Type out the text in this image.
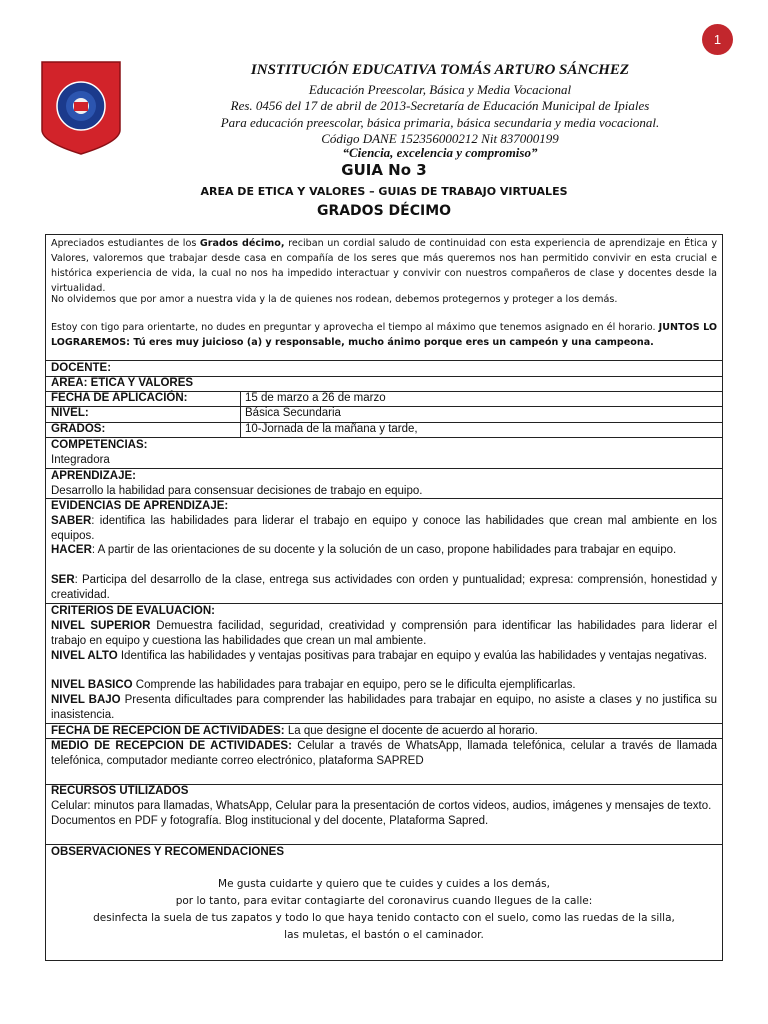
1
INSTITUCIÓN EDUCATIVA TOMÁS ARTURO SÁNCHEZ
Educación Preescolar, Básica y Media Vocacional
Res. 0456 del 17 de abril de 2013-Secretaría de Educación Municipal de Ipiales
Para educación preescolar, básica primaria, básica secundaria y media vocacional.
Código DANE 152356000212 Nit 837000199
“Ciencia, excelencia y compromiso”
GUIA No 3
AREA DE ETICA Y VALORES – GUIAS DE TRABAJO VIRTUALES
GRADOS DÉCIMO
Apreciados estudiantes de los Grados décimo, reciban un cordial saludo de continuidad con esta experiencia de aprendizaje en Ética y Valores, valoremos que trabajar desde casa en compañía de los seres que más queremos nos han permitido convivir en esta crucial e histórica experiencia de vida, la cual no nos ha impedido interactuar y convivir con nuestros compañeros de clase y docentes desde la virtualidad.
No olvidemos que por amor a nuestra vida y la de quienes nos rodean, debemos protegernos y proteger a los demás.
Estoy con tigo para orientarte, no dudes en preguntar y aprovecha el tiempo al máximo que tenemos asignado en él horario. JUNTOS LO LOGRAREMOS: Tú eres muy juicioso (a) y responsable, mucho ánimo porque eres un campeón y una campeona.
DOCENTE:
AREA: ETICA Y VALORES
FECHA DE APLICACIÓN:	15 de marzo a 26 de marzo
NIVEL:	Básica Secundaria
GRADOS:	10-Jornada de la mañana y tarde,
COMPETENCIAS:
Integradora
APRENDIZAJE:
Desarrollo la habilidad para consensuar decisiones de trabajo en equipo.
EVIDENCIAS DE APRENDIZAJE:
SABER: identifica las habilidades para liderar el trabajo en equipo y conoce las habilidades que crean mal ambiente en los equipos.
HACER: A partir de las orientaciones de su docente y la solución de un caso, propone habilidades para trabajar en equipo.
SER: Participa del desarrollo de la clase, entrega sus actividades con orden y puntualidad; expresa: comprensión, honestidad y creatividad.
CRITERIOS DE EVALUACION:
NIVEL SUPERIOR Demuestra facilidad, seguridad, creatividad y comprensión para identificar las habilidades para liderar el trabajo en equipo y cuestiona las habilidades que crean un mal ambiente.
NIVEL ALTO Identifica las habilidades y ventajas positivas para trabajar en equipo y evalúa las habilidades y ventajas negativas.
NIVEL BASICO Comprende las habilidades para trabajar en equipo, pero se le dificulta ejemplificarlas.
NIVEL BAJO Presenta dificultades para comprender las habilidades para trabajar en equipo, no asiste a clases y no justifica su inasistencia.
FECHA DE RECEPCION DE ACTIVIDADES: La que designe el docente de acuerdo al horario.
MEDIO DE RECEPCION DE ACTIVIDADES: Celular a través de WhatsApp, llamada telefónica, celular a través de llamada telefónica, computador mediante correo electrónico, plataforma SAPRED
RECURSOS UTILIZADOS
Celular: minutos para llamadas, WhatsApp, Celular para la presentación de cortos videos, audios, imágenes y mensajes de texto. Documentos en PDF y fotografía. Blog institucional y del docente, Plataforma Sapred.
OBSERVACIONES Y RECOMENDACIONES
Me gusta cuidarte y quiero que te cuides y cuides a los demás,
por lo tanto, para evitar contagiarte del coronavirus cuando llegues de la calle:
desinfecta la suela de tus zapatos y todo lo que haya tenido contacto con el suelo, como las ruedas de la silla,
las muletas, el bastón o el caminador.
